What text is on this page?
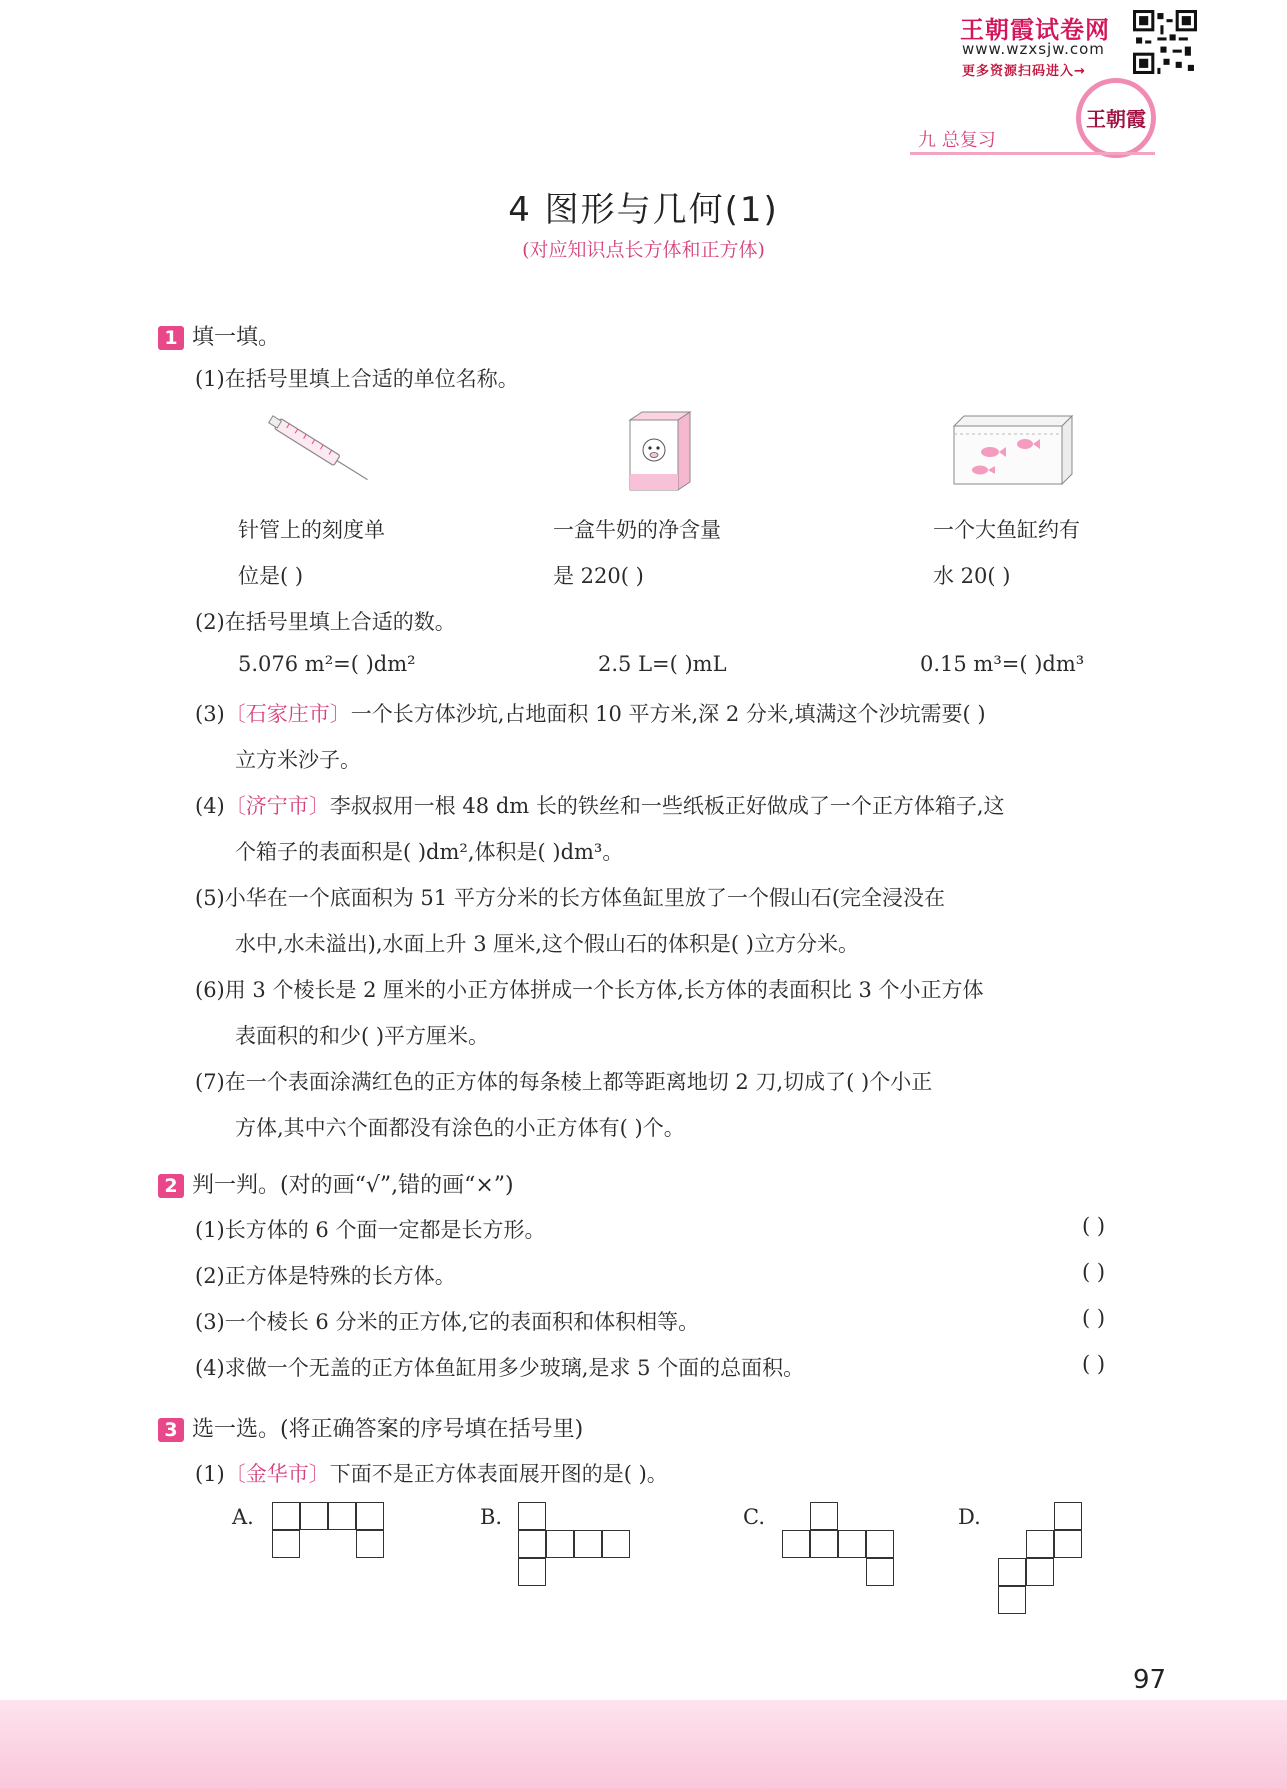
王朝霞试卷网
www.wzxsjw.com
更多资源扫码进入→
王朝霞
九 总复习
4 图形与几何(1)
(对应知识点长方体和正方体)
1 填一填。
(1)在括号里填上合适的单位名称。
针管上的刻度单
位是( )
一盒牛奶的净含量
是 220( )
一个大鱼缸约有
水 20( )
(2)在括号里填上合适的数。
5.076 m²=( )dm²	2.5 L=( )mL	0.15 m³=( )dm³
(3)〔石家庄市〕一个长方体沙坑,占地面积 10 平方米,深 2 分米,填满这个沙坑需要( )
立方米沙子。
(4)〔济宁市〕李叔叔用一根 48 dm 长的铁丝和一些纸板正好做成了一个正方体箱子,这
个箱子的表面积是( )dm²,体积是( )dm³。
(5)小华在一个底面积为 51 平方分米的长方体鱼缸里放了一个假山石(完全浸没在
水中,水未溢出),水面上升 3 厘米,这个假山石的体积是( )立方分米。
(6)用 3 个棱长是 2 厘米的小正方体拼成一个长方体,长方体的表面积比 3 个小正方体
表面积的和少( )平方厘米。
(7)在一个表面涂满红色的正方体的每条棱上都等距离地切 2 刀,切成了( )个小正
方体,其中六个面都没有涂色的小正方体有( )个。
2 判一判。(对的画“√”,错的画“×”)
(1)长方体的 6 个面一定都是长方形。	( )
(2)正方体是特殊的长方体。	( )
(3)一个棱长 6 分米的正方体,它的表面积和体积相等。	( )
(4)求做一个无盖的正方体鱼缸用多少玻璃,是求 5 个面的总面积。	( )
3 选一选。(将正确答案的序号填在括号里)
(1)〔金华市〕下面不是正方体表面展开图的是( )。
A.	B.	C.	D.
97
